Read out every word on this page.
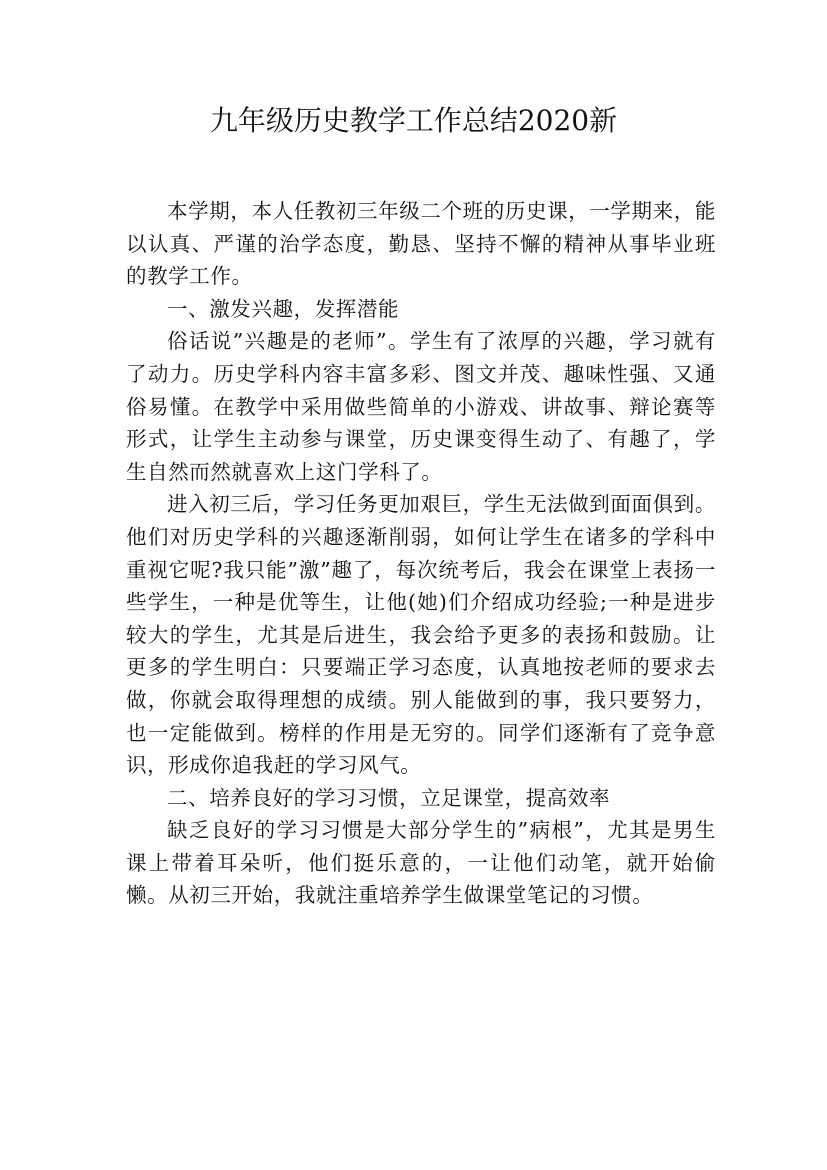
九年级历史教学工作总结2020新

本学期，本人任教初三年级二个班的历史课，一学期来，能以认真、严谨的治学态度，勤恳、坚持不懈的精神从事毕业班的教学工作。

一、激发兴趣，发挥潜能

俗话说”兴趣是的老师”。学生有了浓厚的兴趣，学习就有了动力。历史学科内容丰富多彩、图文并茂、趣味性强、又通俗易懂。在教学中采用做些简单的小游戏、讲故事、辩论赛等形式，让学生主动参与课堂，历史课变得生动了、有趣了，学生自然而然就喜欢上这门学科了。

进入初三后，学习任务更加艰巨，学生无法做到面面俱到。他们对历史学科的兴趣逐渐削弱，如何让学生在诸多的学科中重视它呢?我只能”激”趣了，每次统考后，我会在课堂上表扬一些学生，一种是优等生，让他(她)们介绍成功经验;一种是进步较大的学生，尤其是后进生，我会给予更多的表扬和鼓励。让更多的学生明白：只要端正学习态度，认真地按老师的要求去做，你就会取得理想的成绩。别人能做到的事，我只要努力，也一定能做到。榜样的作用是无穷的。同学们逐渐有了竞争意识，形成你追我赶的学习风气。

二、培养良好的学习习惯，立足课堂，提高效率

缺乏良好的学习习惯是大部分学生的”病根”，尤其是男生课上带着耳朵听，他们挺乐意的，一让他们动笔，就开始偷懒。从初三开始，我就注重培养学生做课堂笔记的习惯。
